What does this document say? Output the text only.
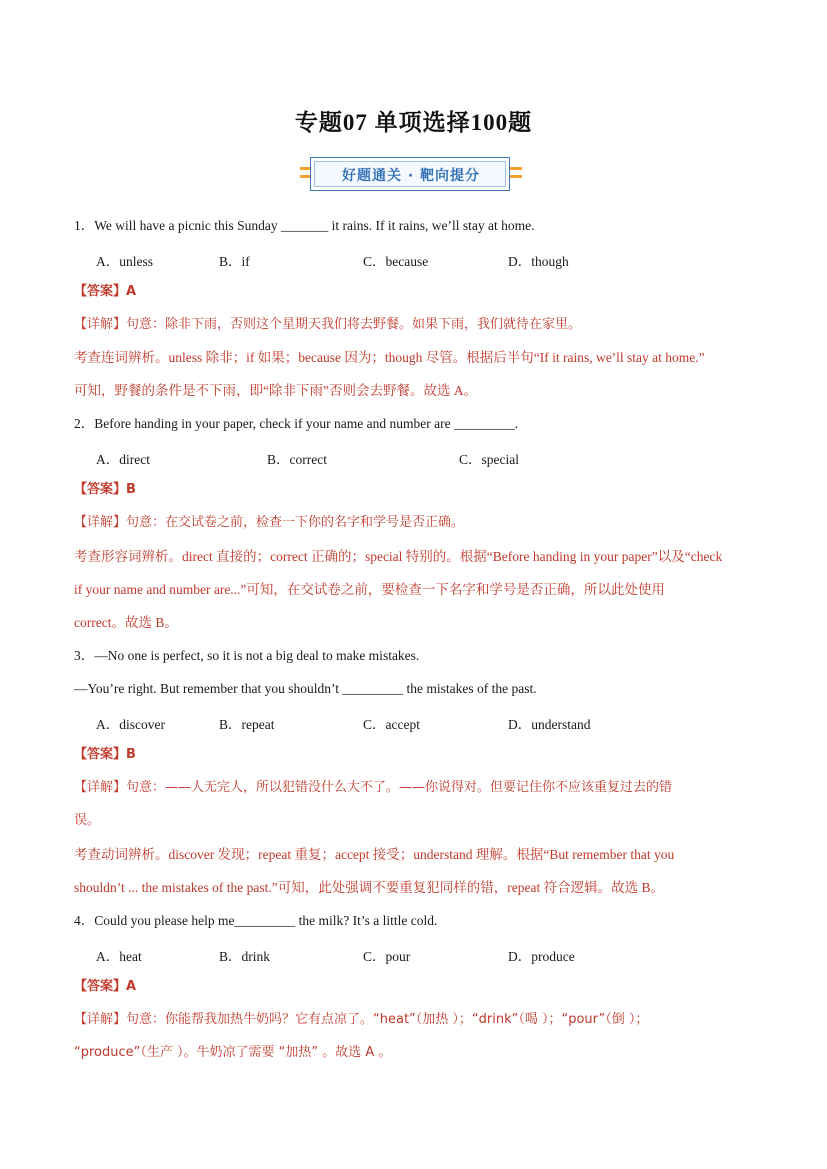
专题07 单项选择100题
好题通关 · 靶向提分
1．We will have a picnic this Sunday _______ it rains. If it rains, we’ll stay at home.
A．unless	B．if	C．because	D．though
【答案】A
【详解】句意：除非下雨，否则这个星期天我们将去野餐。如果下雨，我们就待在家里。
考查连词辨析。unless 除非；if 如果；because 因为；though 尽管。根据后半句“If it rains, we’ll stay at home.”
可知，野餐的条件是不下雨，即“除非下雨”否则会去野餐。故选 A。
2．Before handing in your paper, check if your name and number are _________.
A．direct	B．correct	C．special
【答案】B
【详解】句意：在交试卷之前，检查一下你的名字和学号是否正确。
考查形容词辨析。direct 直接的；correct 正确的；special 特别的。根据“Before handing in your paper”以及“check
if your name and number are...”可知，在交试卷之前，要检查一下名字和学号是否正确，所以此处使用
correct。故选 B。
3．—No one is perfect, so it is not a big deal to make mistakes.
—You’re right. But remember that you shouldn’t _________ the mistakes of the past.
A．discover	B．repeat	C．accept	D．understand
【答案】B
【详解】句意：——人无完人，所以犯错没什么大不了。——你说得对。但要记住你不应该重复过去的错
误。
考查动词辨析。discover 发现；repeat 重复；accept 接受；understand 理解。根据“But remember that you
shouldn’t ... the mistakes of the past.”可知，此处强调不要重复犯同样的错，repeat 符合逻辑。故选 B。
4．Could you please help me_________ the milk? It’s a little cold.
A．heat	B．drink	C．pour	D．produce
【答案】A
【详解】句意：你能帮我加热牛奶吗？它有点凉了。“heat”（加热 ）；“drink”（喝 ）；“pour”（倒 ）；
“produce”（生产 ）。牛奶凉了需要 “加热” 。故选 A 。
